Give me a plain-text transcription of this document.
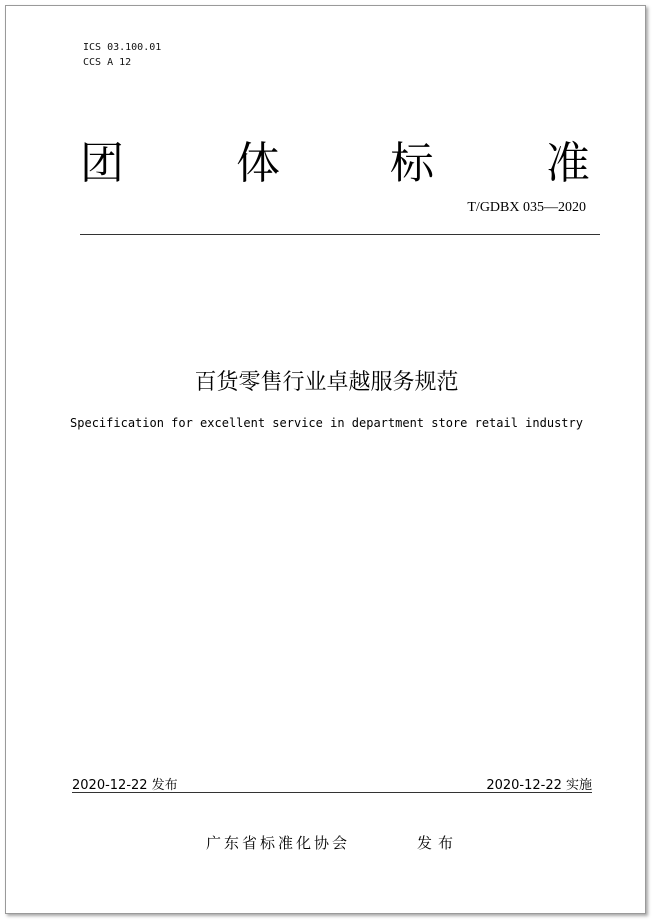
ICS 03.100.01
CCS A 12
团	体	标	准
T/GDBX 035—2020
百货零售行业卓越服务规范
Specification for excellent service in department store retail industry
2020-12-22 发布	2020-12-22 实施
广东省标准化协会	发布
